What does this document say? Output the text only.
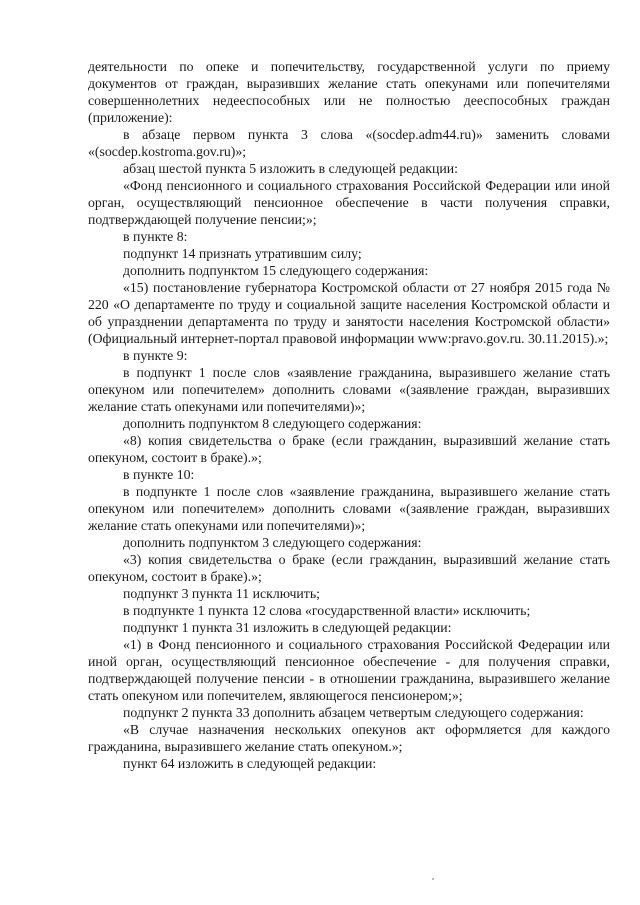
деятельности по опеке и попечительству, государственной услуги по приему документов от граждан, выразивших желание стать опекунами или попечителями совершеннолетних недееспособных или не полностью дееспособных граждан (приложение):

в абзаце первом пункта 3 слова «(socdep.adm44.ru)» заменить словами «(socdep.kostroma.gov.ru)»;

абзац шестой пункта 5 изложить в следующей редакции:

«Фонд пенсионного и социального страхования Российской Федерации или иной орган, осуществляющий пенсионное обеспечение в части получения справки, подтверждающей получение пенсии;»;

в пункте 8:

подпункт 14 признать утратившим силу;

дополнить подпунктом 15 следующего содержания:

«15) постановление губернатора Костромской области от 27 ноября 2015 года № 220 «О департаменте по труду и социальной защите населения Костромской области и об упразднении департамента по труду и занятости населения Костромской области» (Официальный интернет-портал правовой информации www:pravo.gov.ru. 30.11.2015).»;

в пункте 9:

в подпункт 1 после слов «заявление гражданина, выразившего желание стать опекуном или попечителем» дополнить словами «(заявление граждан, выразивших желание стать опекунами или попечителями)»;

дополнить подпунктом 8 следующего содержания:

«8) копия свидетельства о браке (если гражданин, выразивший желание стать опекуном, состоит в браке).»;

в пункте 10:

в подпункте 1 после слов «заявление гражданина, выразившего желание стать опекуном или попечителем» дополнить словами «(заявление граждан, выразивших желание стать опекунами или попечителями)»;

дополнить подпунктом 3 следующего содержания:

«3) копия свидетельства о браке (если гражданин, выразивший желание стать опекуном, состоит в браке).»;

подпункт 3 пункта 11 исключить;

в подпункте 1 пункта 12 слова «государственной власти» исключить;

подпункт 1 пункта 31 изложить в следующей редакции:

«1) в Фонд пенсионного и социального страхования Российской Федерации или иной орган, осуществляющий пенсионное обеспечение - для получения справки, подтверждающей получение пенсии - в отношении гражданина, выразившего желание стать опекуном или попечителем, являющегося пенсионером;»;

подпункт 2 пункта 33 дополнить абзацем четвертым следующего содержания:

«В случае назначения нескольких опекунов акт оформляется для каждого гражданина, выразившего желание стать опекуном.»;

пункт 64 изложить в следующей редакции:
